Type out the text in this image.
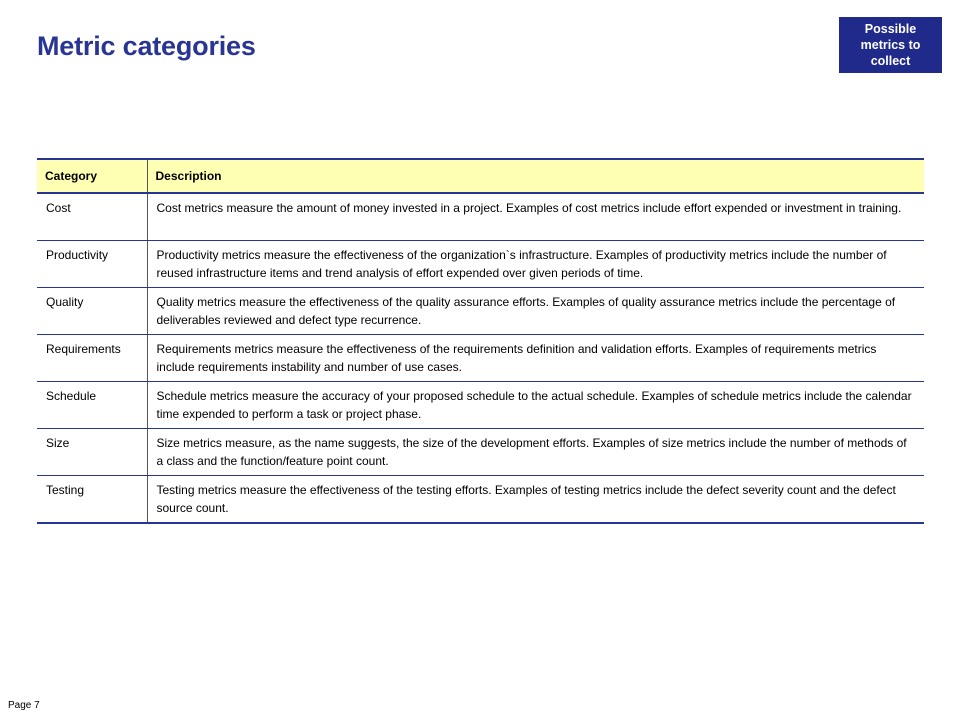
Metric categories
Possible
metrics to
collect
Category	Description
Cost	Cost metrics measure the amount of money invested in a project. Examples of cost metrics include effort expended or investment in training.
Productivity	Productivity metrics measure the effectiveness of the organization`s infrastructure. Examples of productivity metrics include the number of reused infrastructure items and trend analysis of effort expended over given periods of time.
Quality	Quality metrics measure the effectiveness of the quality assurance efforts. Examples of quality assurance metrics include the percentage of deliverables reviewed and defect type recurrence.
Requirements	Requirements metrics measure the effectiveness of the requirements definition and validation efforts. Examples of requirements metrics include requirements instability and number of use cases.
Schedule	Schedule metrics measure the accuracy of your proposed schedule to the actual schedule. Examples of schedule metrics include the calendar time expended to perform a task or project phase.
Size	Size metrics measure, as the name suggests, the size of the development efforts. Examples of size metrics include the number of methods of a class and the function/feature point count.
Testing	Testing metrics measure the effectiveness of the testing efforts. Examples of testing metrics include the defect severity count and the defect source count.
Page 7
